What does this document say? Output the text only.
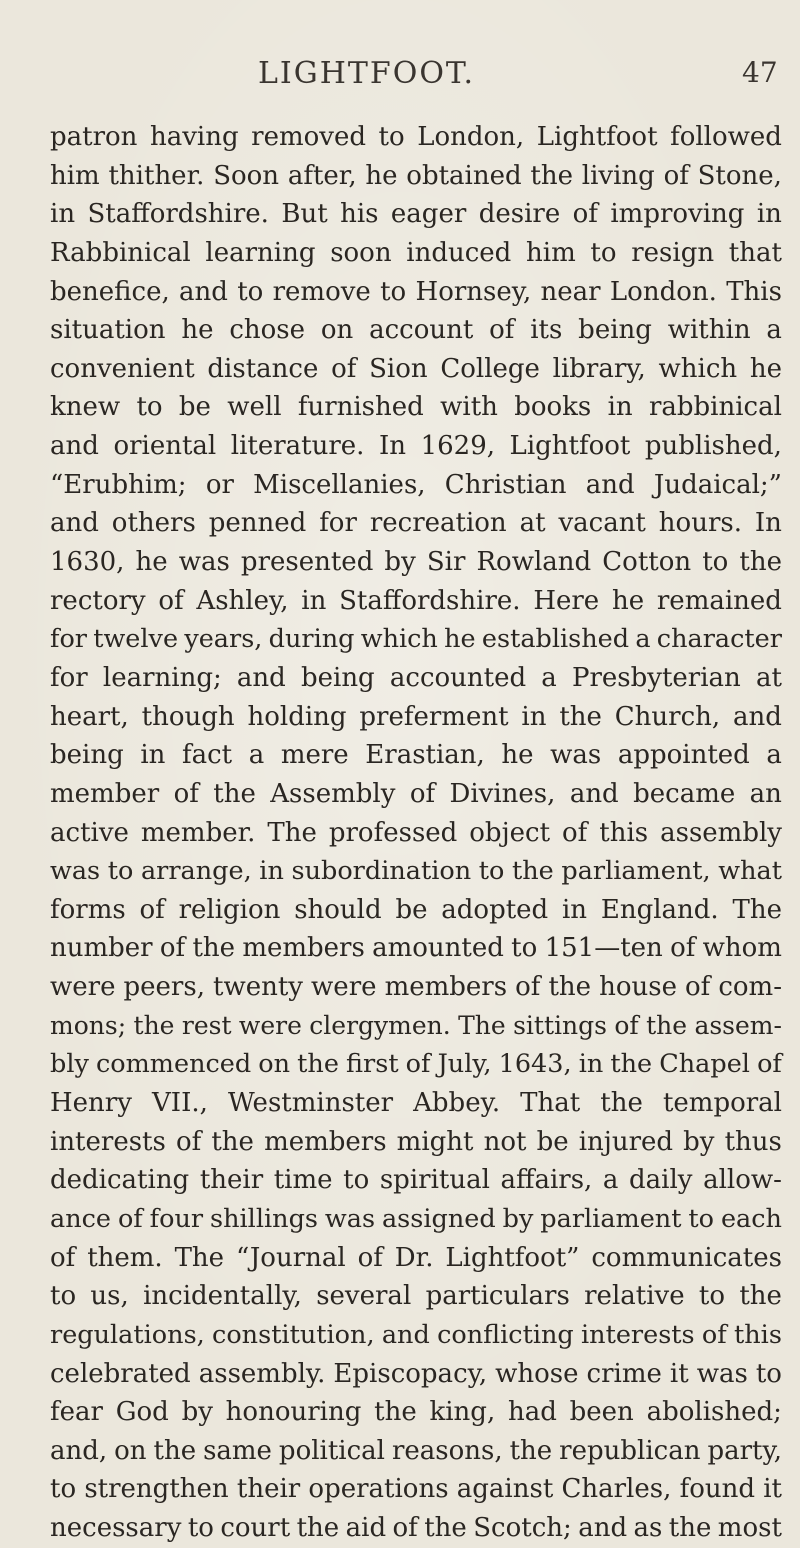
LIGHTFOOT.	47
patron having removed to London, Lightfoot followed
him thither. Soon after, he obtained the living of Stone,
in Staffordshire. But his eager desire of improving in
Rabbinical learning soon induced him to resign that
benefice, and to remove to Hornsey, near London. This
situation he chose on account of its being within a
convenient distance of Sion College library, which he
knew to be well furnished with books in rabbinical
and oriental literature. In 1629, Lightfoot published,
“Erubhim; or Miscellanies, Christian and Judaical;”
and others penned for recreation at vacant hours. In
1630, he was presented by Sir Rowland Cotton to the
rectory of Ashley, in Staffordshire. Here he remained
for twelve years, during which he established a character
for learning; and being accounted a Presbyterian at
heart, though holding preferment in the Church, and
being in fact a mere Erastian, he was appointed a
member of the Assembly of Divines, and became an
active member. The professed object of this assembly
was to arrange, in subordination to the parliament, what
forms of religion should be adopted in England. The
number of the members amounted to 151—ten of whom
were peers, twenty were members of the house of com-
mons; the rest were clergymen. The sittings of the assem-
bly commenced on the first of July, 1643, in the Chapel of
Henry VII., Westminster Abbey. That the temporal
interests of the members might not be injured by thus
dedicating their time to spiritual affairs, a daily allow-
ance of four shillings was assigned by parliament to each
of them. The “Journal of Dr. Lightfoot” communicates
to us, incidentally, several particulars relative to the
regulations, constitution, and conflicting interests of this
celebrated assembly. Episcopacy, whose crime it was to
fear God by honouring the king, had been abolished;
and, on the same political reasons, the republican party,
to strengthen their operations against Charles, found it
necessary to court the aid of the Scotch; and as the most
